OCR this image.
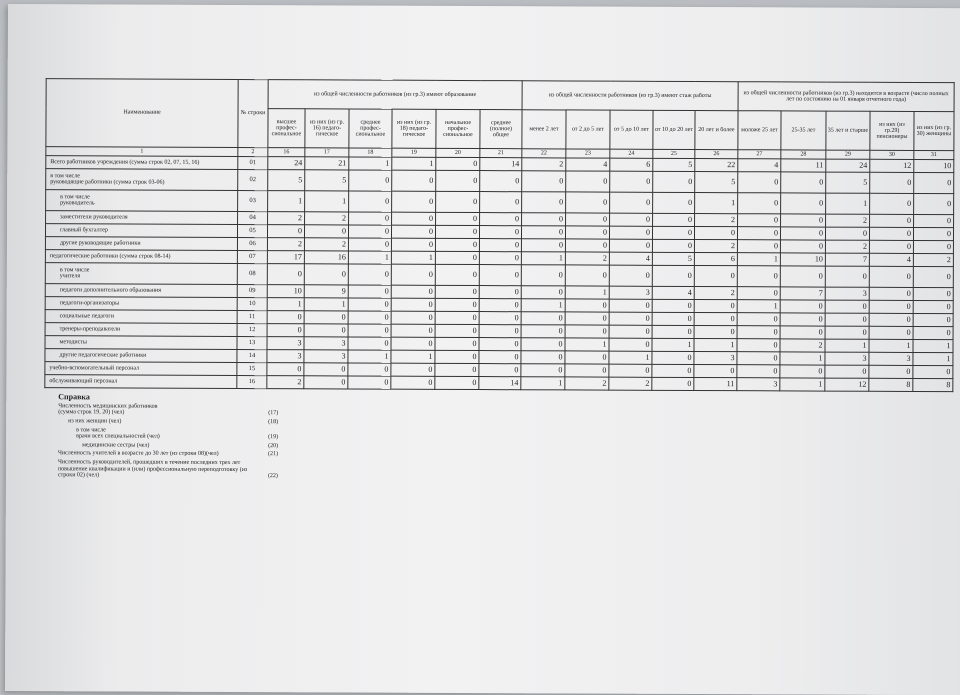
Наименование	№ строки	из общей численности работников (из гр.3) имеют образование						из общей численности работников (из гр.3) имеют стаж работы					из общей численности работников (из гр.3) находится в возрасте (число полных лет по состоянию на 01 января отчетного года)				
		высшее профес-сиональное	из них (из гр. 16) педаго-гическое	среднее профес-сиональное	из них (из гр. 18) педаго-гическое	начальное профес-сиональное	среднее (полное) общее	менее 2 лет	от 2 до 5 лет	от 5 до 10 лет	от 10 до 20 лет	20 лет и более	моложе 25 лет	25-35 лет	35 лет и старше	из них (из гр.29) пенсионеры	из них (из гр. 30) женщины
1	2	16	17	18	19	20	21	22	23	24	25	26	27	28	29	30	31
Всего работников учреждения (сумма строк 02, 07, 15, 16)	01	24	21	1	1	0	14	2	4	6	5	22	4	11	24	12	10
в том числе
руководящие работники (сумма строк 03-06)	02	5	5	0	0	0	0	0	0	0	0	5	0	0	5	0	0
в том числе
руководитель	03	1	1	0	0	0	0	0	0	0	0	1	0	0	1	0	0
заместители руководителя	04	2	2	0	0	0	0	0	0	0	0	2	0	0	2	0	0
главный бухгалтер	05	0	0	0	0	0	0	0	0	0	0	0	0	0	0	0	0
другие руководящие работники	06	2	2	0	0	0	0	0	0	0	0	2	0	0	2	0	0
педагогические работники (сумма строк 08-14)	07	17	16	1	1	0	0	1	2	4	5	6	1	10	7	4	2
в том числе
учителя	08	0	0	0	0	0	0	0	0	0	0	0	0	0	0	0	0
педагоги дополнительного образования	09	10	9	0	0	0	0	0	1	3	4	2	0	7	3	0	0
педагоги-организаторы	10	1	1	0	0	0	0	1	0	0	0	0	1	0	0	0	0
социальные педагоги	11	0	0	0	0	0	0	0	0	0	0	0	0	0	0	0	0
тренеры-преподаватели	12	0	0	0	0	0	0	0	0	0	0	0	0	0	0	0	0
методисты	13	3	3	0	0	0	0	0	1	0	1	1	0	2	1	1	1
другие педагогические работники	14	3	3	1	1	0	0	0	0	1	0	3	0	1	3	3	1
учебно-вспомогательный персонал	15	0	0	0	0	0	0	0	0	0	0	0	0	0	0	0	0
обслуживающий персонал	16	2	0	0	0	0	14	1	2	2	0	11	3	1	12	8	8
Справка
Численность медицинских работников
(сумма строк 19, 20) (чел)	(17)
из них женщин (чел)	(18)
в том числе
врачи всех специальностей (чел)	(19)
медицинские сестры (чел)	(20)
Численность учителей в возрасте до 30 лет (из строки 08)(чел)	(21)
Численность руководителей, прошедших в течение последних трех лет повышение квалификации и (или) профессиональную переподготовку (из строки 02) (чел)	(22)
